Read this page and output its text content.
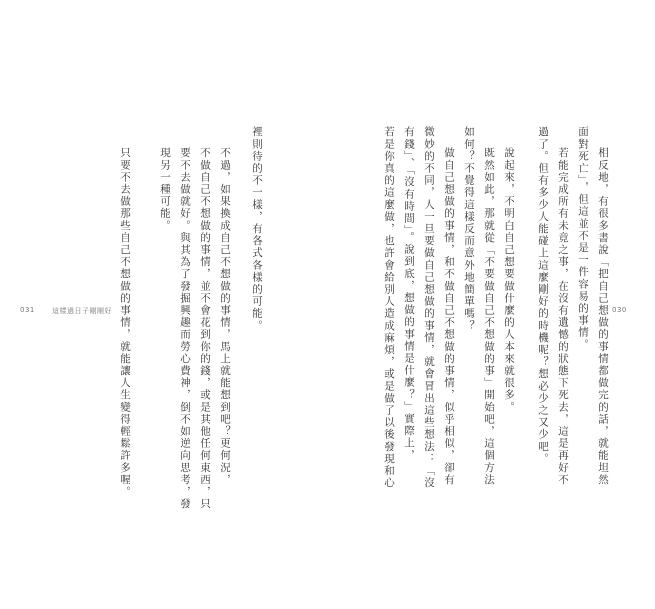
只要不去做那些自己不想做的事情，就能讓人生變得輕鬆許多喔。	現另一種可能。 要不去做就好。與其為了發掘興趣而勞心費神，倒不如逆向思考，發 不做自己不想做的事情，並不會花到你的錢，或是其他任何東西，只 不過，如果換成自己不想做的事情，馬上就能想到吧？更何況， 裡則待的不一樣，有各式各樣的可能。
031 這樣過日子剛剛好	若是你真的這麼做，也許會給別人造成麻煩，或是做了以後發現和心 有錢」、「沒有時間」。說到底，想做的事情是什麼？」實際上， 微妙的不同，人一旦要做自己想做的事情，就會冒出這些想法：「沒 做自己想做的事情，和不做自己不想做的事情，似乎相似，卻有 如何？不覺得這樣反而意外地簡單嗎？ 既然如此，那就從「不要做自己不想做的事」開始吧，這個方法 說起來，不明白自己想要做什麼的人本來就很多。 過了。但有多少人能碰上這麼剛好的時機呢？想必少之又少吧。 若能完成所有未竟之事，在沒有遺憾的狀態下死去，這是再好不 面對死亡」，但這並不是一件容易的事情。 相反地，有很多書說「把自己想做的事情都做完的話，就能坦然 030
